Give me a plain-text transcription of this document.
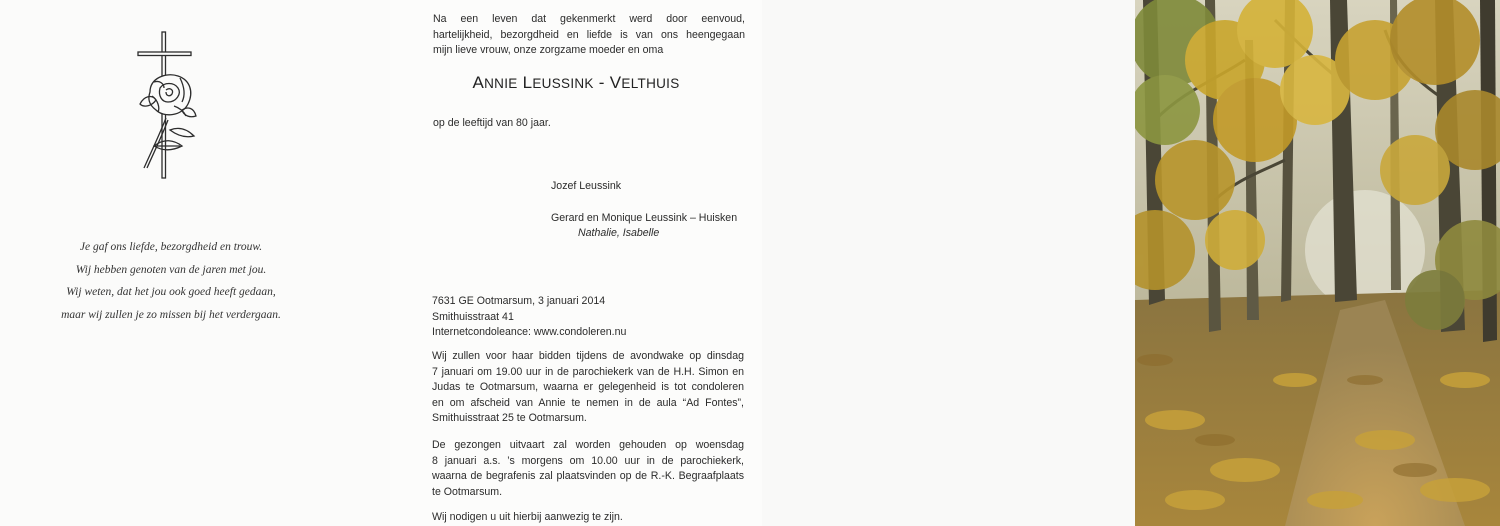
Je gaf ons liefde, bezorgdheid en trouw.
Wij hebben genoten van de jaren met jou.
Wij weten, dat het jou ook goed heeft gedaan,
maar wij zullen je zo missen bij het verdergaan.
Na een leven dat gekenmerkt werd door eenvoud,
hartelijkheid, bezorgdheid en liefde is van ons heengegaan
mijn lieve vrouw, onze zorgzame moeder en oma
ANNIE LEUSSINK - VELTHUIS
op de leeftijd van 80 jaar.
Jozef Leussink
Gerard en Monique Leussink – Huisken
Nathalie, Isabelle
7631 GE Ootmarsum, 3 januari 2014
Smithuisstraat 41
Internetcondoleance: www.condoleren.nu
Wij zullen voor haar bidden tijdens de avondwake op dinsdag
7 januari om 19.00 uur in de parochiekerk van de H.H. Simon en
Judas te Ootmarsum, waarna er gelegenheid is tot condoleren
en om afscheid van Annie te nemen in de aula “Ad Fontes”,
Smithuisstraat 25 te Ootmarsum.
De gezongen uitvaart zal worden gehouden op woensdag
8 januari a.s. ’s morgens om 10.00 uur in de parochiekerk,
waarna de begrafenis zal plaatsvinden op de R.-K. Begraafplaats
te Ootmarsum.
Wij nodigen u uit hierbij aanwezig te zijn.
